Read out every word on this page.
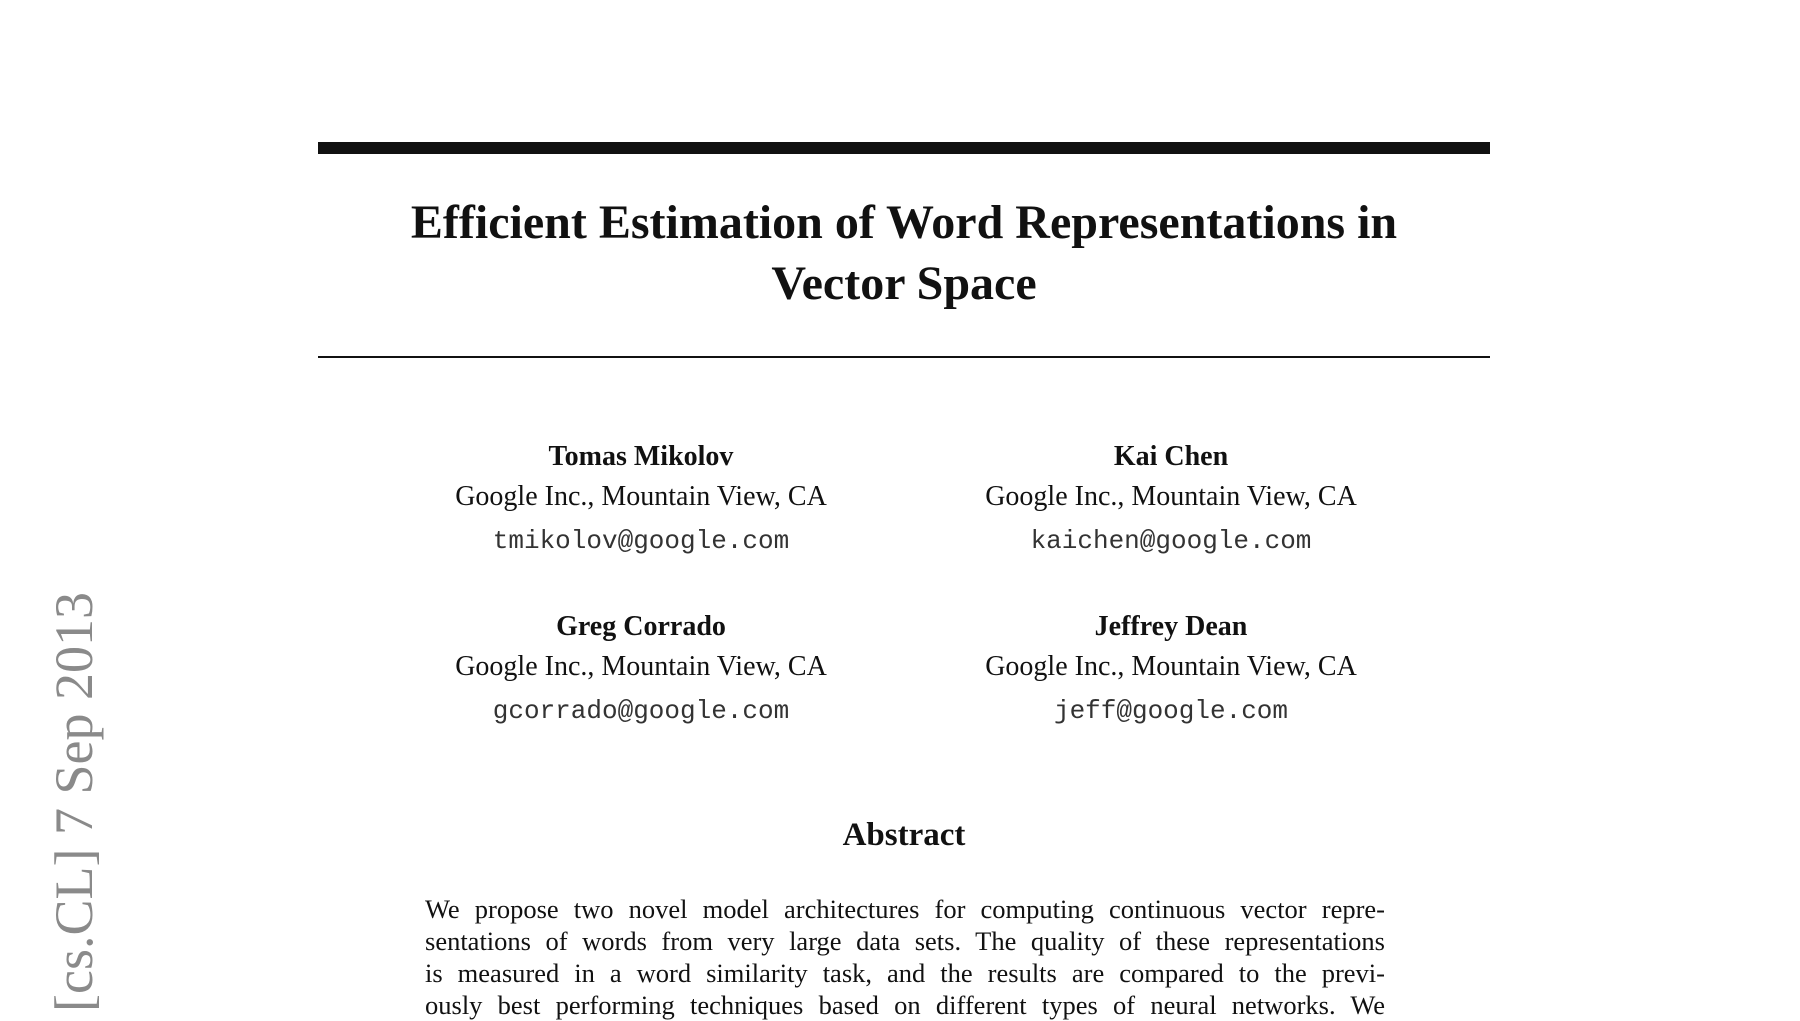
Efficient Estimation of Word Representations in
Vector Space
Tomas Mikolov
Google Inc., Mountain View, CA
tmikolov@google.com
Kai Chen
Google Inc., Mountain View, CA
kaichen@google.com
Greg Corrado
Google Inc., Mountain View, CA
gcorrado@google.com
Jeffrey Dean
Google Inc., Mountain View, CA
jeff@google.com
Abstract
We propose two novel model architectures for computing continuous vector repre-
sentations of words from very large data sets. The quality of these representations
is measured in a word similarity task, and the results are compared to the previ-
ously best performing techniques based on different types of neural networks. We
[cs.CL] 7 Sep 2013
